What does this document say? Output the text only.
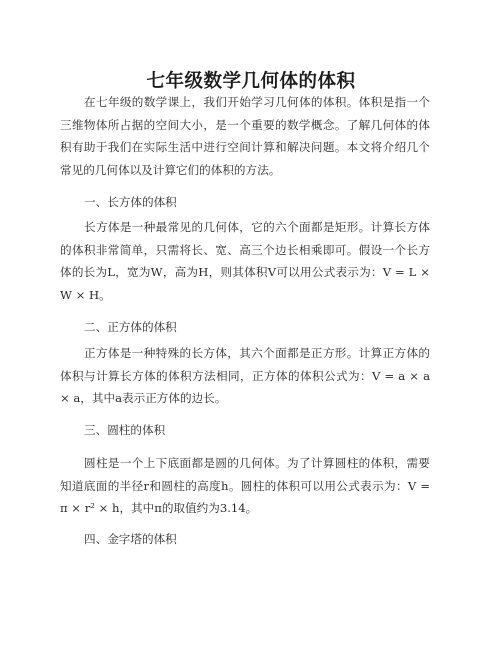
七年级数学几何体的体积

在七年级的数学课上，我们开始学习几何体的体积。体积是指一个三维物体所占据的空间大小，是一个重要的数学概念。了解几何体的体积有助于我们在实际生活中进行空间计算和解决问题。本文将介绍几个常见的几何体以及计算它们的体积的方法。

一、长方体的体积

长方体是一种最常见的几何体，它的六个面都是矩形。计算长方体的体积非常简单，只需将长、宽、高三个边长相乘即可。假设一个长方体的长为L，宽为W，高为H，则其体积V可以用公式表示为：V = L × W × H。

二、正方体的体积

正方体是一种特殊的长方体，其六个面都是正方形。计算正方体的体积与计算长方体的体积方法相同，正方体的体积公式为：V = a × a × a，其中a表示正方体的边长。

三、圆柱的体积

圆柱是一个上下底面都是圆的几何体。为了计算圆柱的体积，需要知道底面的半径r和圆柱的高度h。圆柱的体积可以用公式表示为：V = π × r² × h，其中π的取值约为3.14。

四、金字塔的体积
